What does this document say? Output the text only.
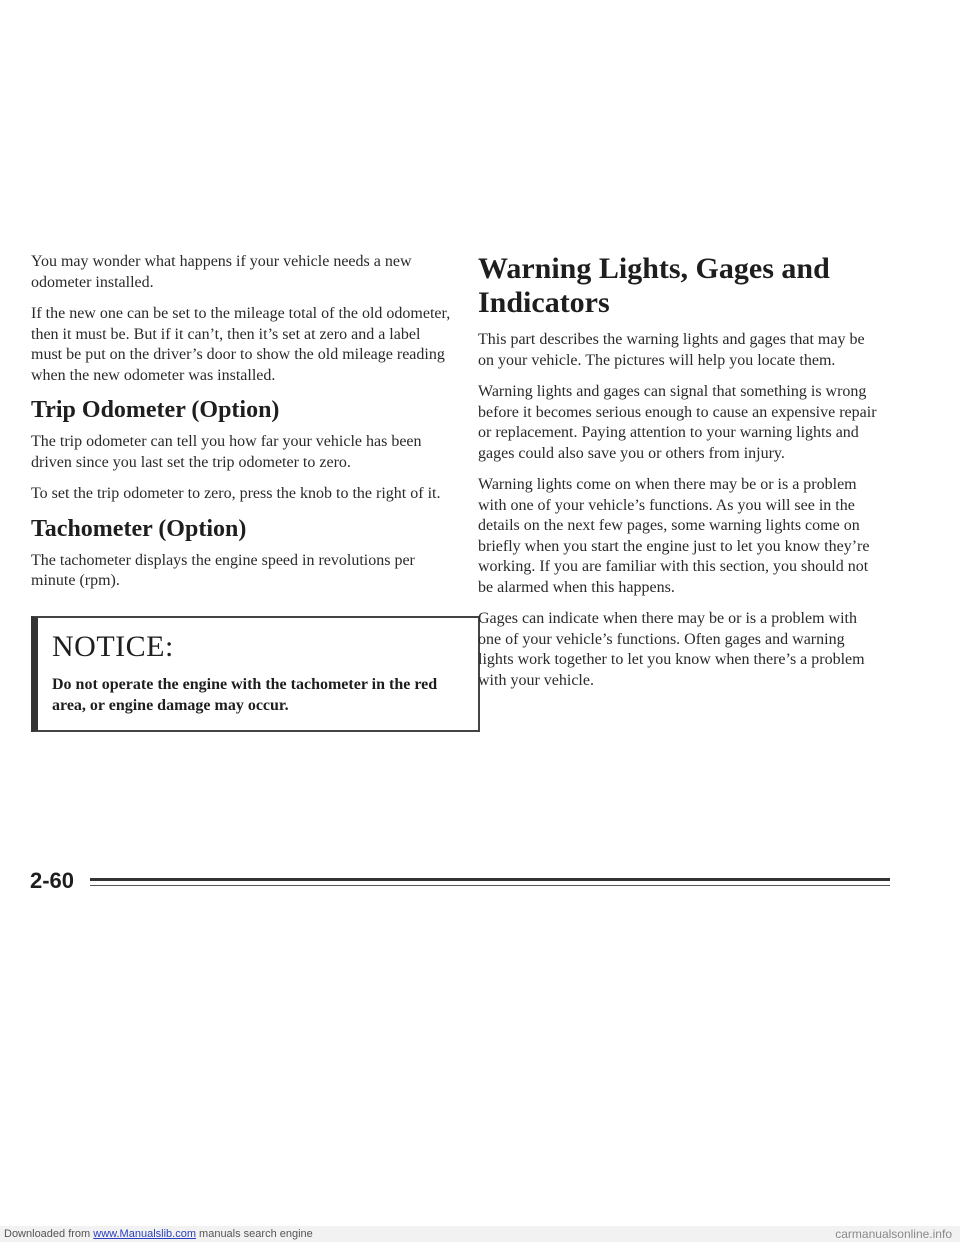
You may wonder what happens if your vehicle needs a new odometer installed.

If the new one can be set to the mileage total of the old odometer, then it must be. But if it can’t, then it’s set at zero and a label must be put on the driver’s door to show the old mileage reading when the new odometer was installed.

Trip Odometer (Option)

The trip odometer can tell you how far your vehicle has been driven since you last set the trip odometer to zero.

To set the trip odometer to zero, press the knob to the right of it.

Tachometer (Option)

The tachometer displays the engine speed in revolutions per minute (rpm).

NOTICE:
Do not operate the engine with the tachometer in the red area, or engine damage may occur.
Warning Lights, Gages and Indicators

This part describes the warning lights and gages that may be on your vehicle. The pictures will help you locate them.

Warning lights and gages can signal that something is wrong before it becomes serious enough to cause an expensive repair or replacement. Paying attention to your warning lights and gages could also save you or others from injury.

Warning lights come on when there may be or is a problem with one of your vehicle’s functions. As you will see in the details on the next few pages, some warning lights come on briefly when you start the engine just to let you know they’re working. If you are familiar with this section, you should not be alarmed when this happens.

Gages can indicate when there may be or is a problem with one of your vehicle’s functions. Often gages and warning lights work together to let you know when there’s a problem with your vehicle.

2-60
Downloaded from www.Manualslib.com manuals search engine	carmanualsonline.info
